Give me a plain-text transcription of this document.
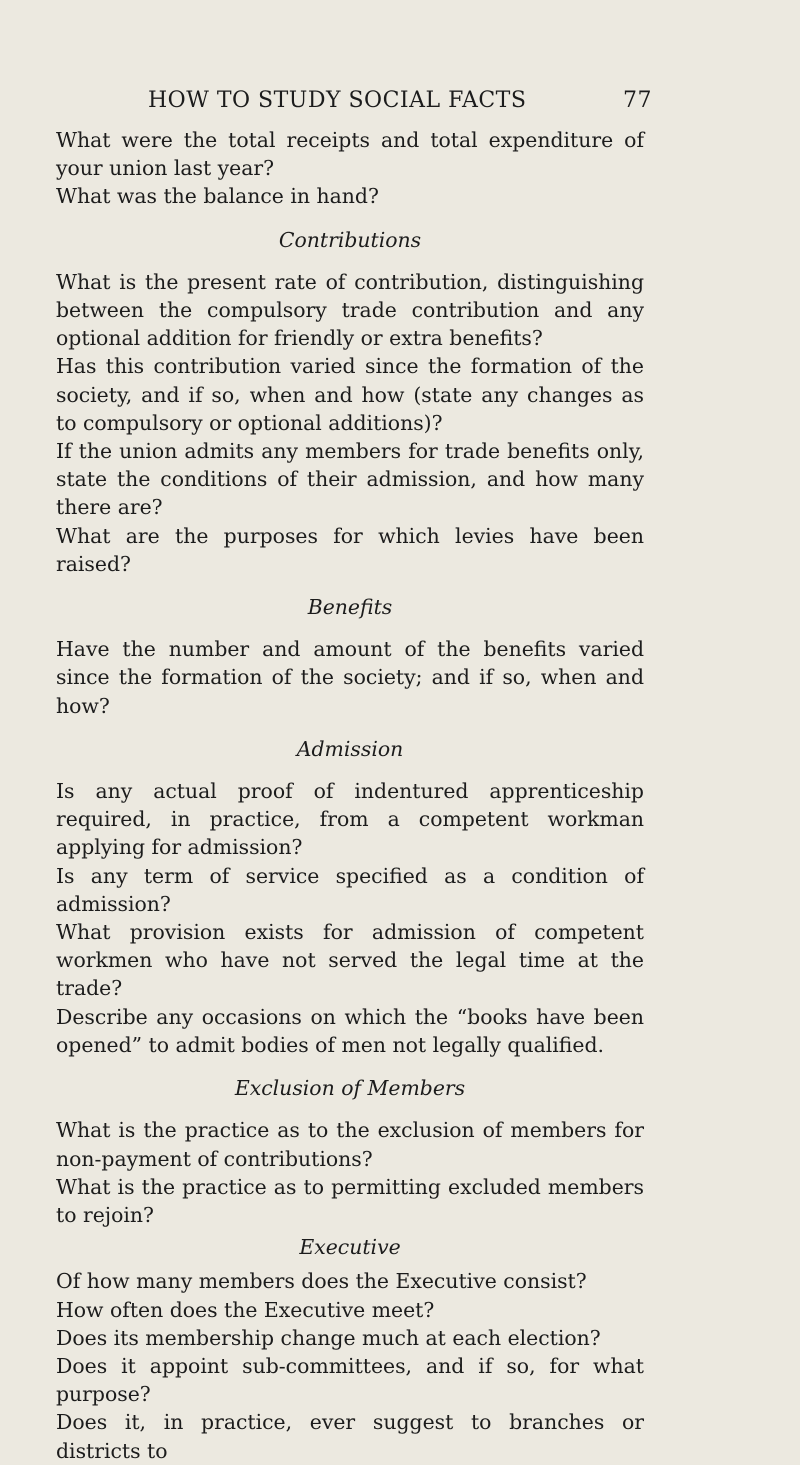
HOW TO STUDY SOCIAL FACTS	77

What were the total receipts and total expenditure of your union last year?

What was the balance in hand?

Contributions

What is the present rate of contribution, distinguishing between the compulsory trade contribution and any optional addition for friendly or extra benefits?

Has this contribution varied since the formation of the society, and if so, when and how (state any changes as to compulsory or optional additions)?

If the union admits any members for trade benefits only, state the conditions of their admission, and how many there are?

What are the purposes for which levies have been raised?

Benefits

Have the number and amount of the benefits varied since the formation of the society; and if so, when and how?

Admission

Is any actual proof of indentured apprenticeship required, in practice, from a competent workman applying for admission?

Is any term of service specified as a condition of admission?

What provision exists for admission of competent workmen who have not served the legal time at the trade?

Describe any occasions on which the “books have been opened” to admit bodies of men not legally qualified.

Exclusion of Members

What is the practice as to the exclusion of members for non-payment of contributions?

What is the practice as to permitting excluded members to rejoin?

Executive

Of how many members does the Executive consist?

How often does the Executive meet?

Does its membership change much at each election?

Does it appoint sub-committees, and if so, for what purpose?

Does it, in practice, ever suggest to branches or districts to
